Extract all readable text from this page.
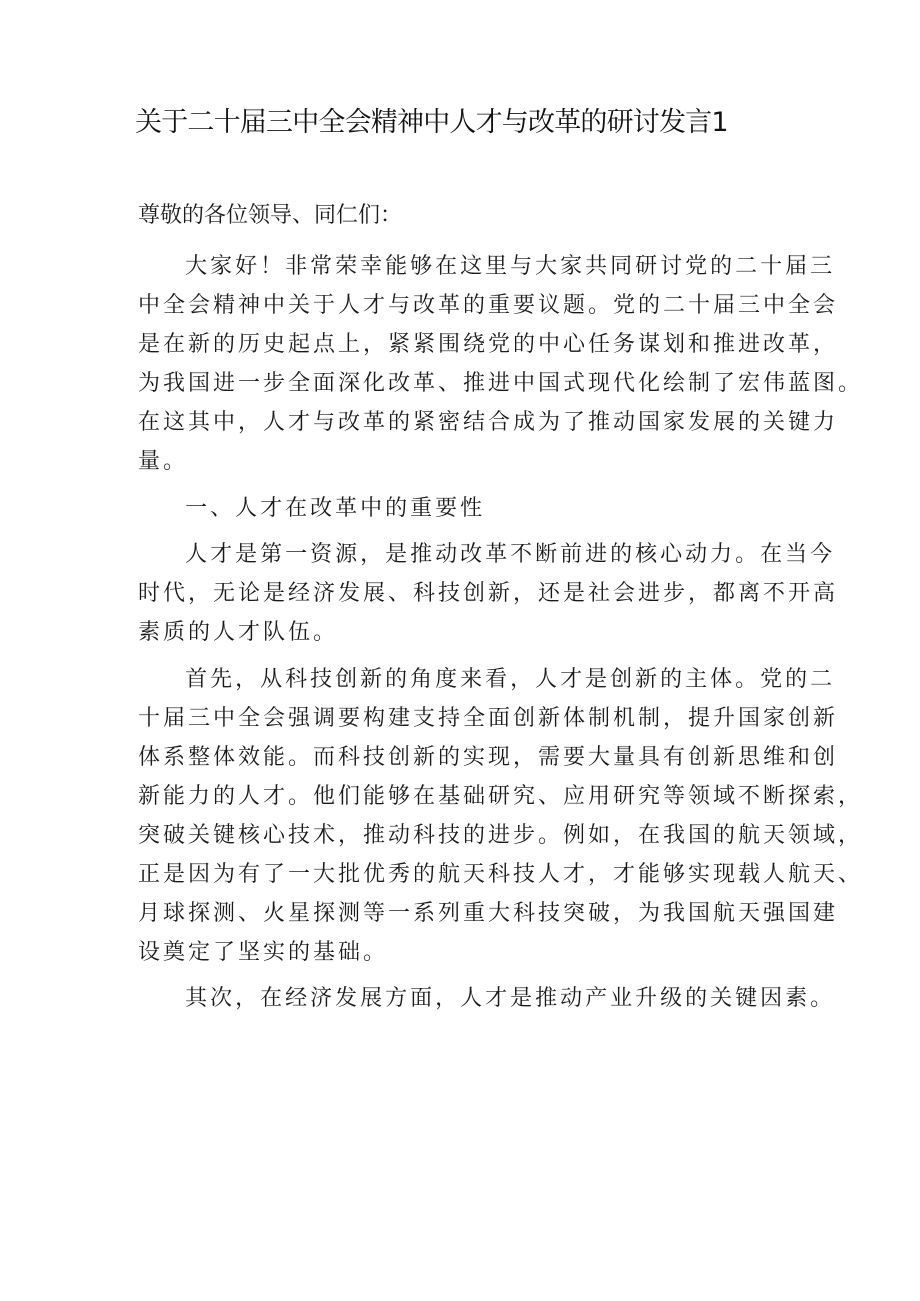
关于二十届三中全会精神中人才与改革的研讨发言1
尊敬的各位领导、同仁们：

大家好！非常荣幸能够在这里与大家共同研讨党的二十届三
中全会精神中关于人才与改革的重要议题。党的二十届三中全会
是在新的历史起点上，紧紧围绕党的中心任务谋划和推进改革，
为我国进一步全面深化改革、推进中国式现代化绘制了宏伟蓝图。
在这其中，人才与改革的紧密结合成为了推动国家发展的关键力
量。

一、人才在改革中的重要性

人才是第一资源，是推动改革不断前进的核心动力。在当今
时代，无论是经济发展、科技创新，还是社会进步，都离不开高
素质的人才队伍。

首先，从科技创新的角度来看，人才是创新的主体。党的二
十届三中全会强调要构建支持全面创新体制机制，提升国家创新
体系整体效能。而科技创新的实现，需要大量具有创新思维和创
新能力的人才。他们能够在基础研究、应用研究等领域不断探索，
突破关键核心技术，推动科技的进步。例如，在我国的航天领域，
正是因为有了一大批优秀的航天科技人才，才能够实现载人航天、
月球探测、火星探测等一系列重大科技突破，为我国航天强国建
设奠定了坚实的基础。

其次，在经济发展方面，人才是推动产业升级的关键因素。
